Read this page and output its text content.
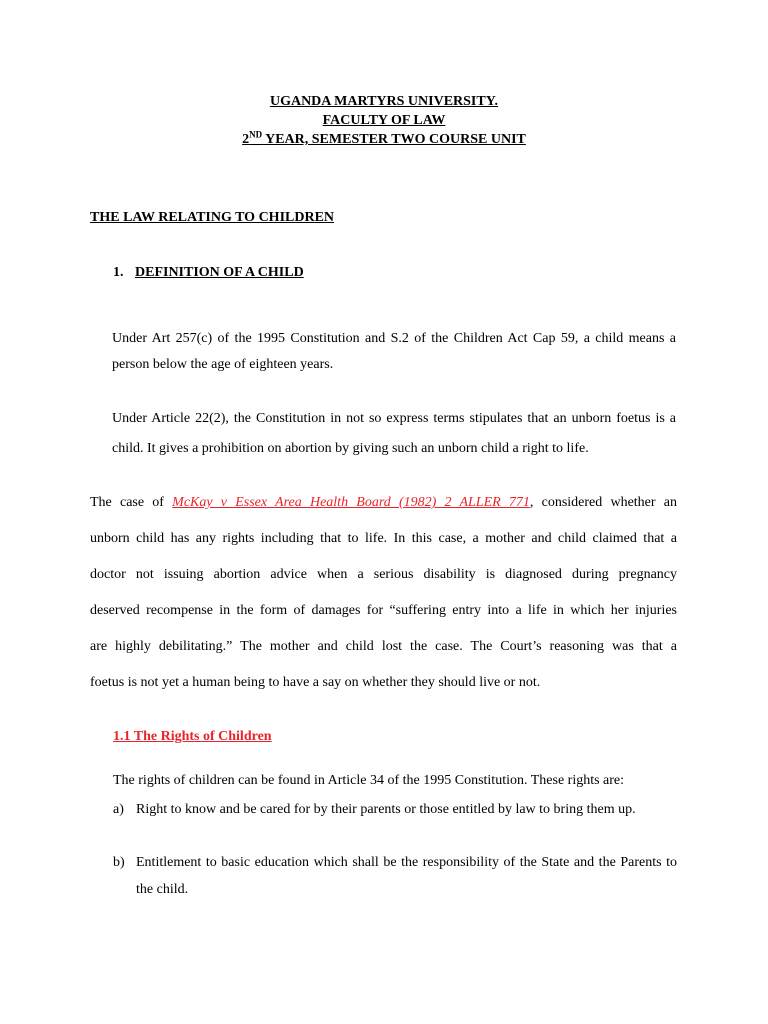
UGANDA MARTYRS UNIVERSITY.
FACULTY OF LAW
2ND YEAR, SEMESTER TWO COURSE UNIT
THE LAW RELATING TO CHILDREN
1. DEFINITION OF A CHILD
Under Art 257(c) of the 1995 Constitution and S.2 of the Children Act Cap 59, a child means a person below the age of eighteen years.
Under Article 22(2), the Constitution in not so express terms stipulates that an unborn foetus is a child. It gives a prohibition on abortion by giving such an unborn child a right to life.
The case of McKay v Essex Area Health Board (1982) 2 ALLER 771, considered whether an
unborn child has any rights including that to life. In this case, a mother and child claimed that a
doctor not issuing abortion advice when a serious disability is diagnosed during pregnancy
deserved recompense in the form of damages for “suffering entry into a life in which her injuries
are highly debilitating.” The mother and child lost the case. The Court’s reasoning was that a
foetus is not yet a human being to have a say on whether they should live or not.
1.1 The Rights of Children
The rights of children can be found in Article 34 of the 1995 Constitution. These rights are:
a) Right to know and be cared for by their parents or those entitled by law to bring them up.
b) Entitlement to basic education which shall be the responsibility of the State and the Parents to the child.
